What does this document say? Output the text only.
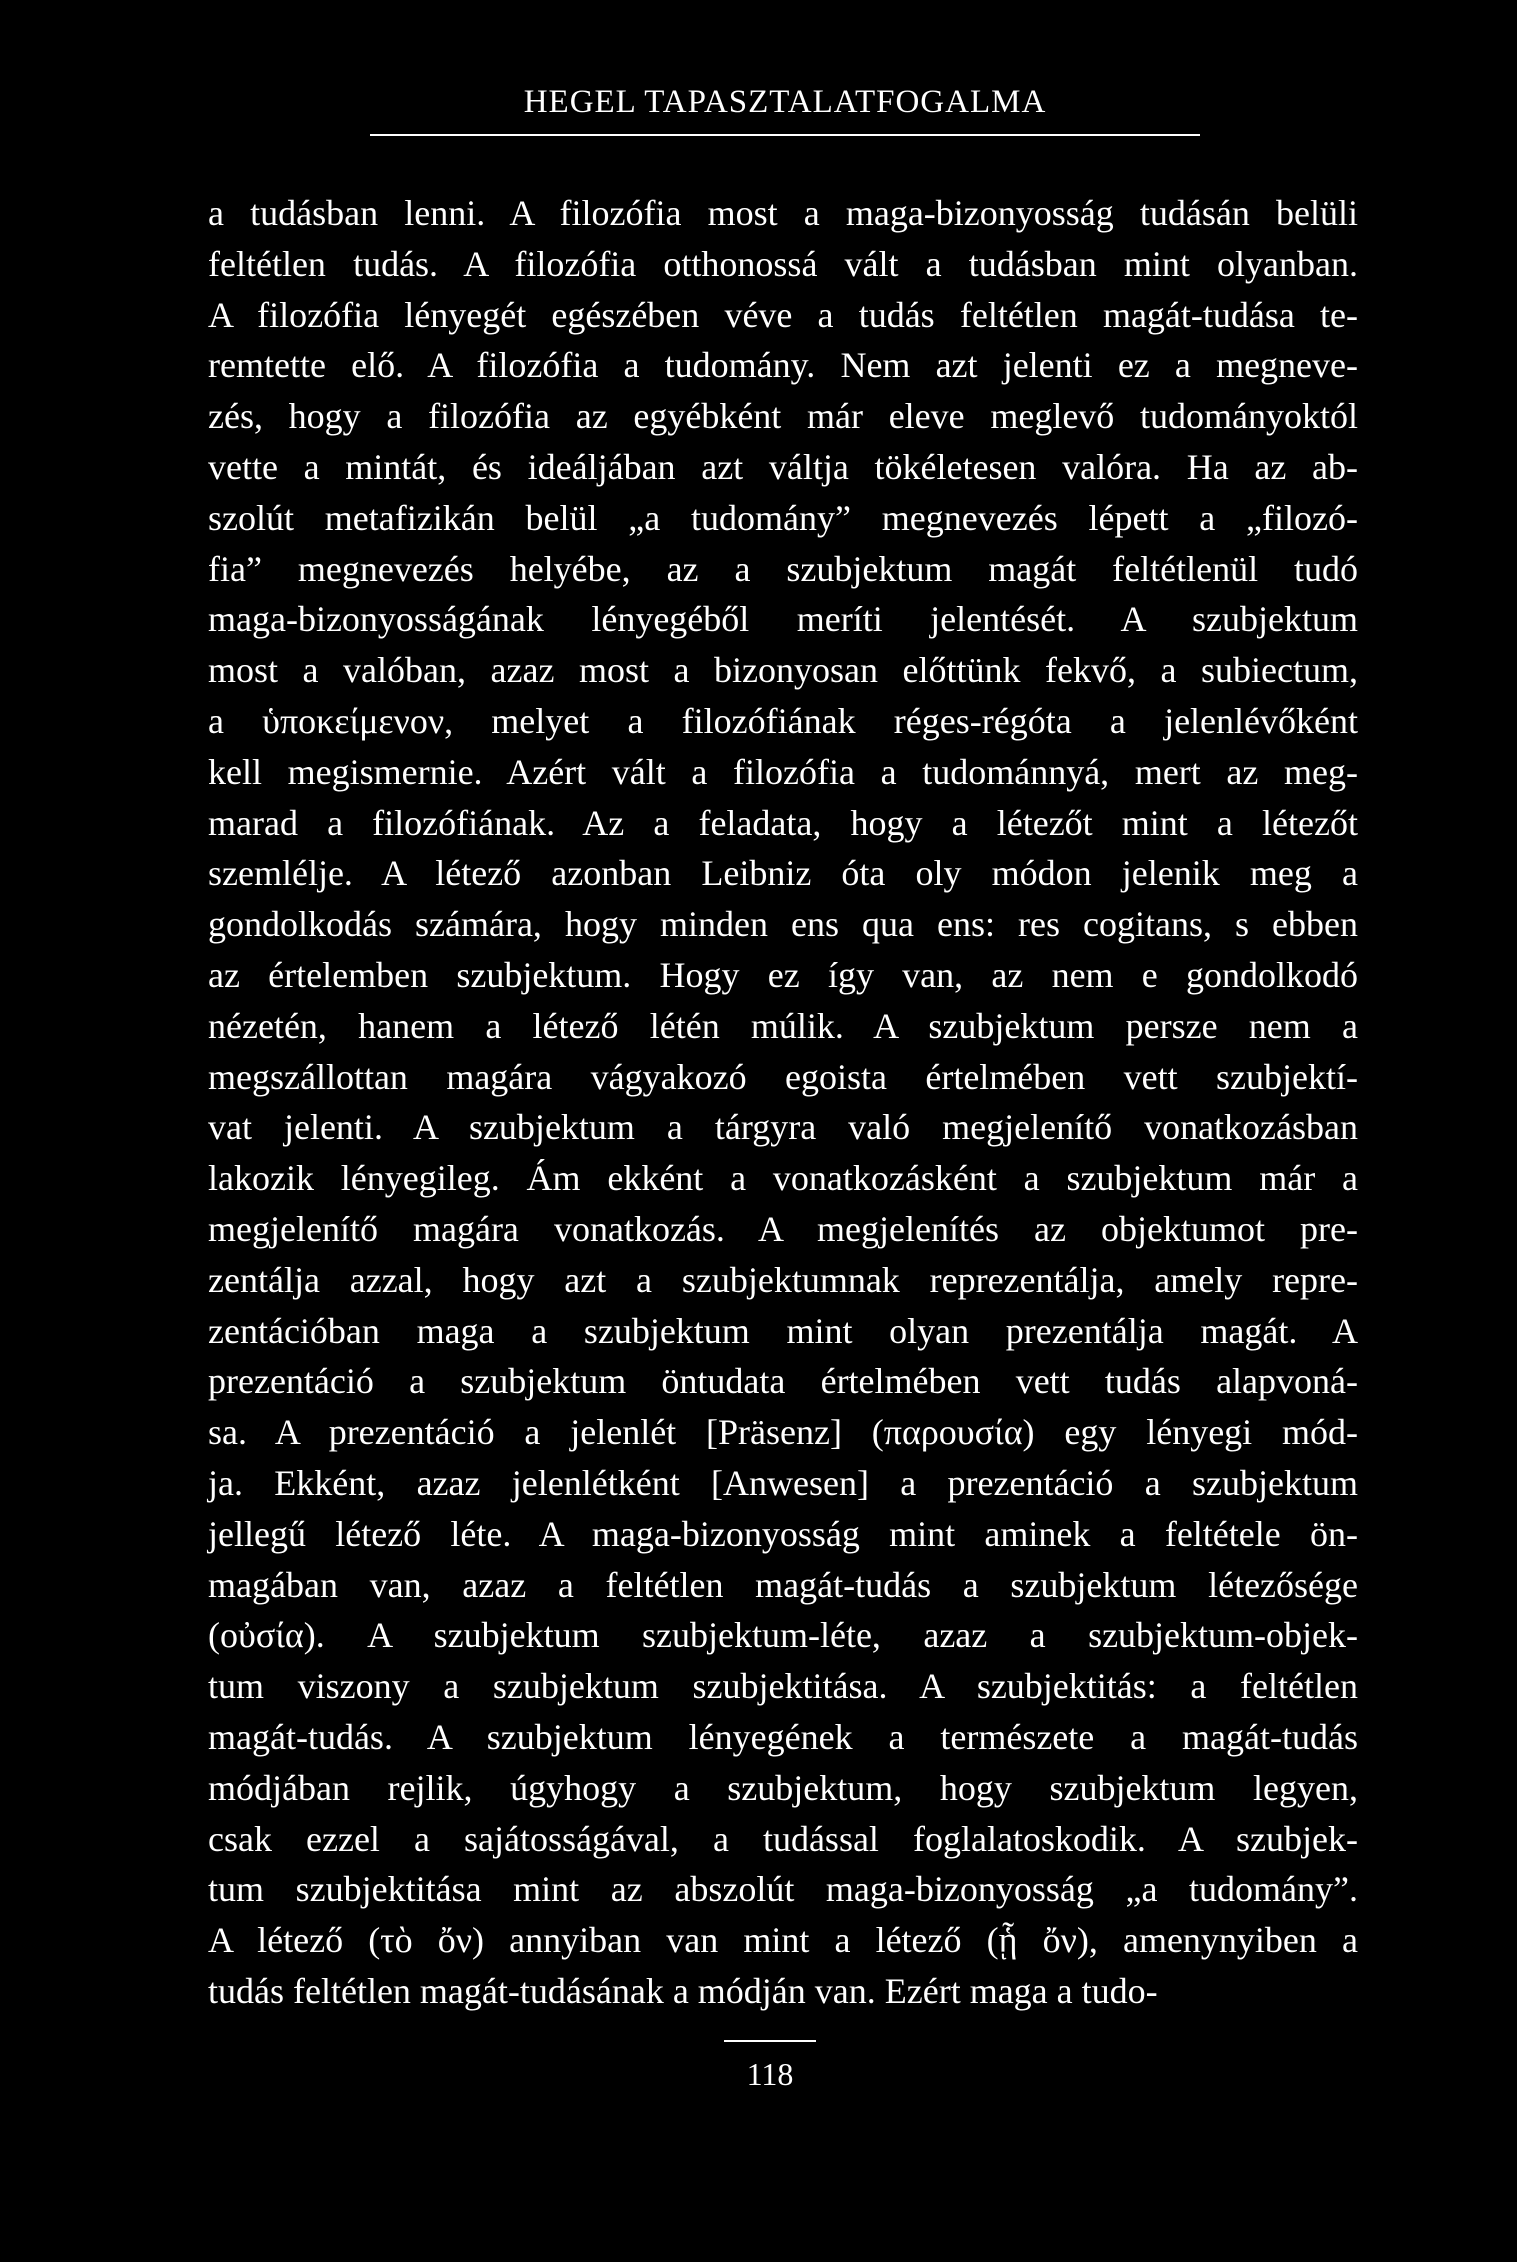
HEGEL TAPASZTALATFOGALMA
a tudásban lenni. A filozófia most a maga-bizonyosság tudásán belüli
feltétlen tudás. A filozófia otthonossá vált a tudásban mint olyanban.
A filozófia lényegét egészében véve a tudás feltétlen magát-tudása te-
remtette elő. A filozófia a tudomány. Nem azt jelenti ez a megneve-
zés, hogy a filozófia az egyébként már eleve meglevő tudományoktól
vette a mintát, és ideáljában azt váltja tökéletesen valóra. Ha az ab-
szolút metafizikán belül „a tudomány” megnevezés lépett a „filozó-
fia” megnevezés helyébe, az a szubjektum magát feltétlenül tudó
maga-bizonyosságának lényegéből meríti jelentését. A szubjektum
most a valóban, azaz most a bizonyosan előttünk fekvő, a subiectum,
a ὑποκείμενον, melyet a filozófiának réges-régóta a jelenlévőként
kell megismernie. Azért vált a filozófia a tudománnyá, mert az meg-
marad a filozófiának. Az a feladata, hogy a létezőt mint a létezőt
szemlélje. A létező azonban Leibniz óta oly módon jelenik meg a
gondolkodás számára, hogy minden ens qua ens: res cogitans, s ebben
az értelemben szubjektum. Hogy ez így van, az nem e gondolkodó
nézetén, hanem a létező létén múlik. A szubjektum persze nem a
megszállottan magára vágyakozó egoista értelmében vett szubjektí-
vat jelenti. A szubjektum a tárgyra való megjelenítő vonatkozásban
lakozik lényegileg. Ám ekként a vonatkozásként a szubjektum már a
megjelenítő magára vonatkozás. A megjelenítés az objektumot pre-
zentálja azzal, hogy azt a szubjektumnak reprezentálja, amely repre-
zentációban maga a szubjektum mint olyan prezentálja magát. A
prezentáció a szubjektum öntudata értelmében vett tudás alapvoná-
sa. A prezentáció a jelenlét [Präsenz] (παρουσία) egy lényegi mód-
ja. Ekként, azaz jelenlétként [Anwesen] a prezentáció a szubjektum
jellegű létező léte. A maga-bizonyosság mint aminek a feltétele ön-
magában van, azaz a feltétlen magát-tudás a szubjektum létezősége
(οὐσία). A szubjektum szubjektum-léte, azaz a szubjektum-objek-
tum viszony a szubjektum szubjektitása. A szubjektitás: a feltétlen
magát-tudás. A szubjektum lényegének a természete a magát-tudás
módjában rejlik, úgyhogy a szubjektum, hogy szubjektum legyen,
csak ezzel a sajátosságával, a tudással foglalatoskodik. A szubjek-
tum szubjektitása mint az abszolút maga-bizonyosság „a tudomány”.
A létező (τὸ ὄν) annyiban van mint a létező (ᾗ ὄν), amenynyiben a
tudás feltétlen magát-tudásának a módján van. Ezért maga a tudo-
118
